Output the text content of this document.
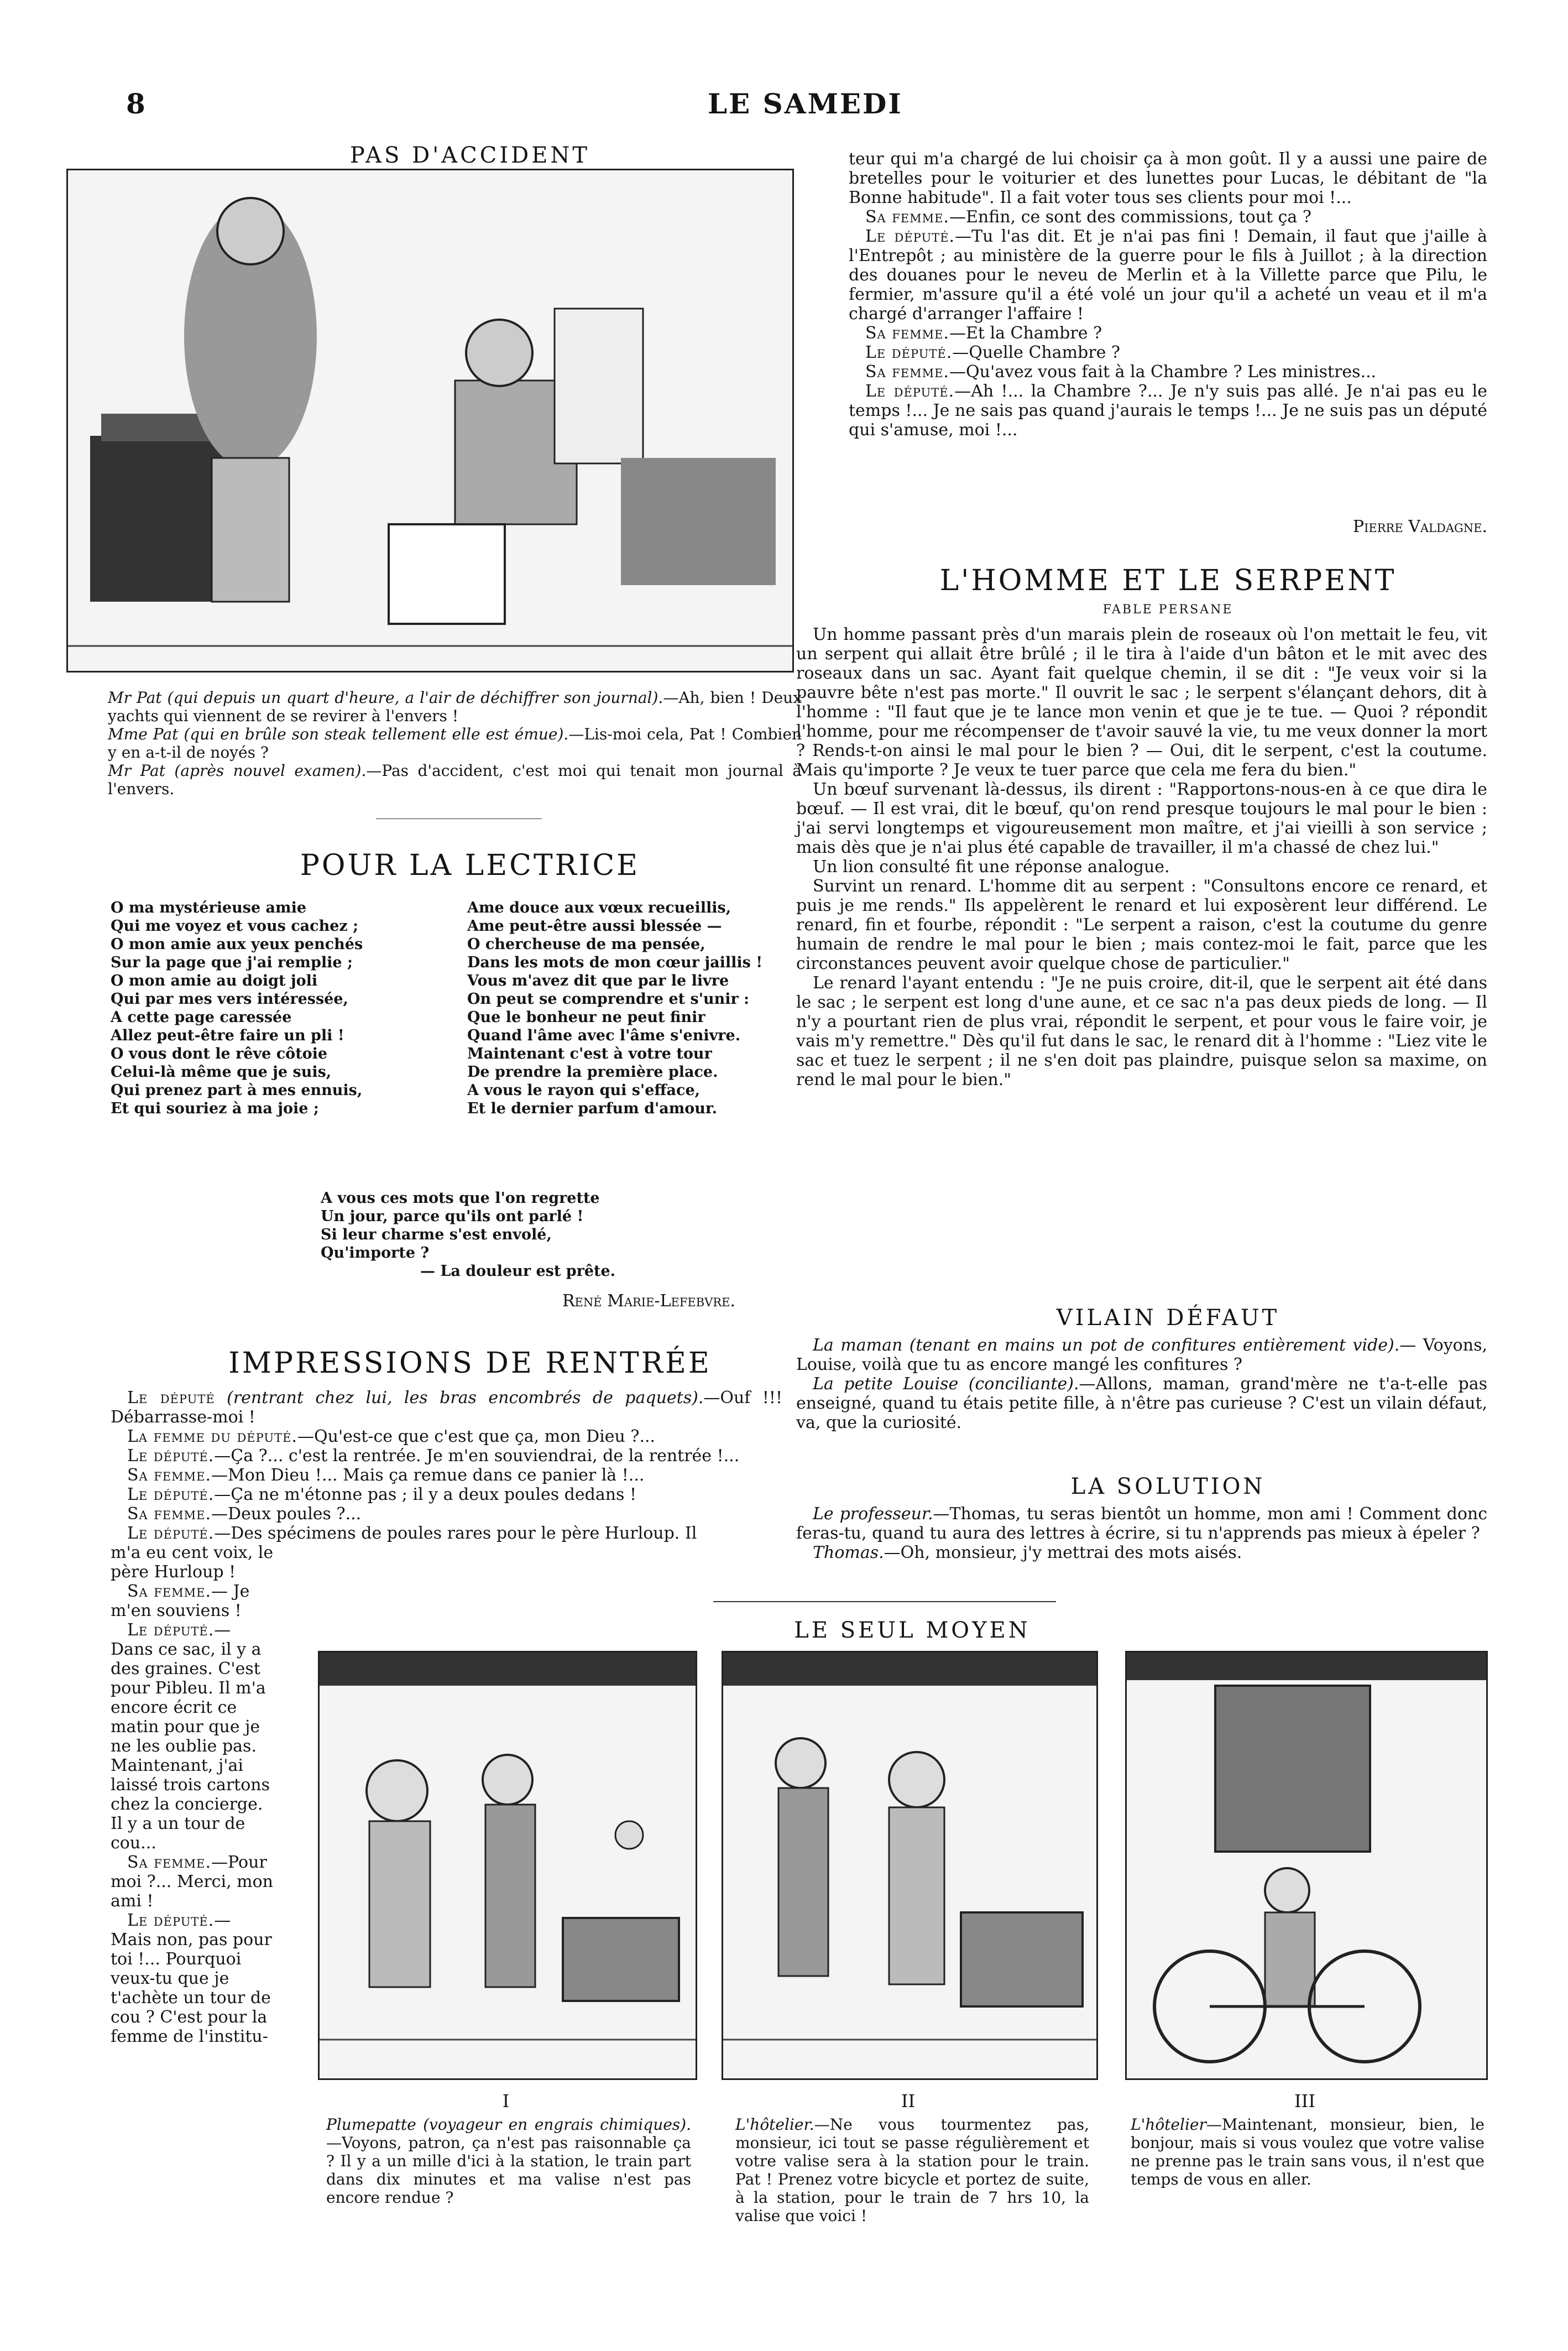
8	LE SAMEDI
PAS D'ACCIDENT
Mr Pat (qui depuis un quart d'heure, a l'air de déchiffrer son journal).—Ah, bien ! Deux yachts qui viennent de se revirer à l'envers !
Mme Pat (qui en brûle son steak tellement elle est émue).—Lis-moi cela, Pat ! Combien y en a-t-il de noyés ?
Mr Pat (après nouvel examen).—Pas d'accident, c'est moi qui tenait mon journal à l'envers.
POUR LA LECTRICE
O ma mystérieuse amie
Qui me voyez et vous cachez ;
O mon amie aux yeux penchés
Sur la page que j'ai remplie ;
O mon amie au doigt joli
Qui par mes vers intéressée,
A cette page caressée
Allez peut-être faire un pli !
O vous dont le rêve côtoie
Celui-là même que je suis,
Qui prenez part à mes ennuis,
Et qui souriez à ma joie ;
Ame douce aux vœux recueillis,
Ame peut-être aussi blessée —
O chercheuse de ma pensée,
Dans les mots de mon cœur jaillis !
Vous m'avez dit que par le livre
On peut se comprendre et s'unir :
Que le bonheur ne peut finir
Quand l'âme avec l'âme s'enivre.
Maintenant c'est à votre tour
De prendre la première place.
A vous le rayon qui s'efface,
Et le dernier parfum d'amour.
A vous ces mots que l'on regrette
Un jour, parce qu'ils ont parlé !
Si leur charme s'est envolé,
Qu'importe ?
— La douleur est prête.
René Marie-Lefebvre.
IMPRESSIONS DE RENTRÉE

Le député (rentrant chez lui, les bras encombrés de paquets).—Ouf !!! Débarrasse-moi !

La femme du député.—Qu'est-ce que c'est que ça, mon Dieu ?...

Le député.—Ça ?... c'est la rentrée. Je m'en souviendrai, de la rentrée !...

Sa femme.—Mon Dieu !... Mais ça remue dans ce panier là !...

Le député.—Ça ne m'étonne pas ; il y a deux poules dedans !

Sa femme.—Deux poules ?...

Le député.—Des spécimens de poules rares pour le père Hurloup. Il

m'a eu cent voix, le père Hurloup !

Sa femme.— Je m'en souviens !

Le député.— Dans ce sac, il y a des graines. C'est pour Pibleu. Il m'a encore écrit ce matin pour que je ne les oublie pas. Maintenant, j'ai laissé trois cartons chez la concierge. Il y a un tour de cou...

Sa femme.—Pour moi ?... Merci, mon ami !

Le député.— Mais non, pas pour toi !... Pourquoi veux-tu que je t'achète un tour de cou ? C'est pour la femme de l'institu-

teur qui m'a chargé de lui choisir ça à mon goût. Il y a aussi une paire de bretelles pour le voiturier et des lunettes pour Lucas, le débitant de "la Bonne habitude". Il a fait voter tous ses clients pour moi !...

Sa femme.—Enfin, ce sont des commissions, tout ça ?

Le député.—Tu l'as dit. Et je n'ai pas fini ! Demain, il faut que j'aille à l'Entrepôt ; au ministère de la guerre pour le fils à Juillot ; à la direction des douanes pour le neveu de Merlin et à la Villette parce que Pilu, le fermier, m'assure qu'il a été volé un jour qu'il a acheté un veau et il m'a chargé d'arranger l'affaire !

Sa femme.—Et la Chambre ?

Le député.—Quelle Chambre ?

Sa femme.—Qu'avez vous fait à la Chambre ? Les ministres...

Le député.—Ah !... la Chambre ?... Je n'y suis pas allé. Je n'ai pas eu le temps !... Je ne sais pas quand j'aurais le temps !... Je ne suis pas un député qui s'amuse, moi !...

Pierre Valdagne.
L'HOMME ET LE SERPENT
FABLE PERSANE

Un homme passant près d'un marais plein de roseaux où l'on mettait le feu, vit un serpent qui allait être brûlé ; il le tira à l'aide d'un bâton et le mit avec des roseaux dans un sac. Ayant fait quelque chemin, il se dit : "Je veux voir si la pauvre bête n'est pas morte." Il ouvrit le sac ; le serpent s'élançant dehors, dit à l'homme : "Il faut que je te lance mon venin et que je te tue. — Quoi ? répondit l'homme, pour me récompenser de t'avoir sauvé la vie, tu me veux donner la mort ? Rends-t-on ainsi le mal pour le bien ? — Oui, dit le serpent, c'est la coutume. Mais qu'importe ? Je veux te tuer parce que cela me fera du bien."

Un bœuf survenant là-dessus, ils dirent : "Rapportons-nous-en à ce que dira le bœuf. — Il est vrai, dit le bœuf, qu'on rend presque toujours le mal pour le bien : j'ai servi longtemps et vigoureusement mon maître, et j'ai vieilli à son service ; mais dès que je n'ai plus été capable de travailler, il m'a chassé de chez lui."

Un lion consulté fit une réponse analogue.

Survint un renard. L'homme dit au serpent : "Consultons encore ce renard, et puis je me rends." Ils appelèrent le renard et lui exposèrent leur différend. Le renard, fin et fourbe, répondit : "Le serpent a raison, c'est la coutume du genre humain de rendre le mal pour le bien ; mais contez-moi le fait, parce que les circonstances peuvent avoir quelque chose de particulier."

Le renard l'ayant entendu : "Je ne puis croire, dit-il, que le serpent ait été dans le sac ; le serpent est long d'une aune, et ce sac n'a pas deux pieds de long. — Il n'y a pourtant rien de plus vrai, répondit le serpent, et pour vous le faire voir, je vais m'y remettre." Dès qu'il fut dans le sac, le renard dit à l'homme : "Liez vite le sac et tuez le serpent ; il ne s'en doit pas plaindre, puisque selon sa maxime, on rend le mal pour le bien."

VILAIN DÉFAUT

La maman (tenant en mains un pot de confitures entièrement vide).— Voyons, Louise, voilà que tu as encore mangé les confitures ?

La petite Louise (conciliante).—Allons, maman, grand'mère ne t'a-t-elle pas enseigné, quand tu étais petite fille, à n'être pas curieuse ? C'est un vilain défaut, va, que la curiosité.

LA SOLUTION

Le professeur.—Thomas, tu seras bientôt un homme, mon ami ! Comment donc feras-tu, quand tu aura des lettres à écrire, si tu n'apprends pas mieux à épeler ?

Thomas.—Oh, monsieur, j'y mettrai des mots aisés.

LE SEUL MOYEN
I	II	III
Plumepatte (voyageur en engrais chimiques).—Voyons, patron, ça n'est pas raisonnable ça ? Il y a un mille d'ici à la station, le train part dans dix minutes et ma valise n'est pas encore rendue ?
L'hôtelier.—Ne vous tourmentez pas, monsieur, ici tout se passe régulièrement et votre valise sera à la station pour le train. Pat ! Prenez votre bicycle et portez de suite, à la station, pour le train de 7 hrs 10, la valise que voici !
L'hôtelier—Maintenant, monsieur, bien, le bonjour, mais si vous voulez que votre valise ne prenne pas le train sans vous, il n'est que temps de vous en aller.
